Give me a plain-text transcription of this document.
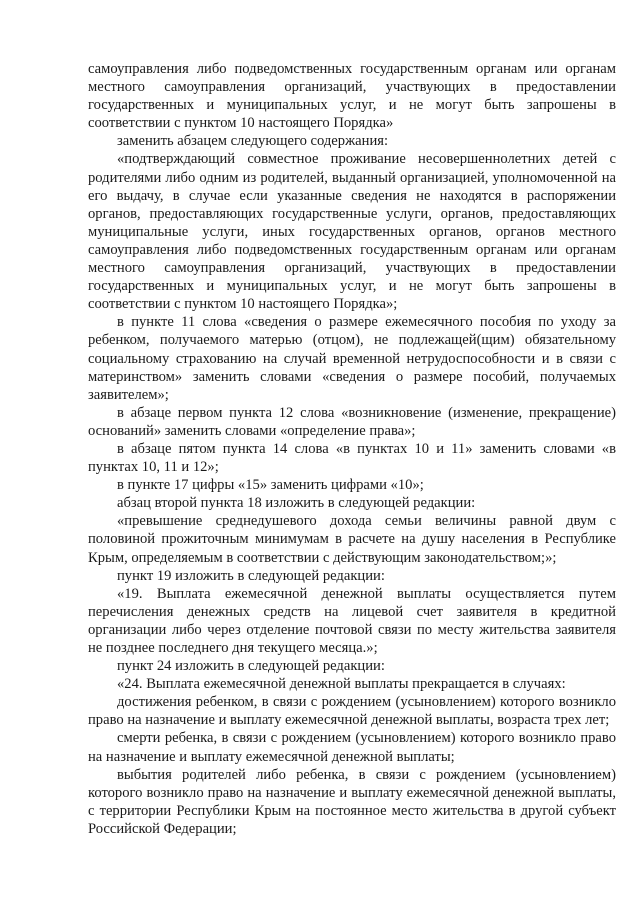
самоуправления либо подведомственных государственным органам или органам местного самоуправления организаций, участвующих в предоставлении государственных и муниципальных услуг, и не могут быть запрошены в соответствии с пунктом 10 настоящего Порядка»

заменить абзацем следующего содержания:

«подтверждающий совместное проживание несовершеннолетних детей с родителями либо одним из родителей, выданный организацией, уполномоченной на его выдачу, в случае если указанные сведения не находятся в распоряжении органов, предоставляющих государственные услуги, органов, предоставляющих муниципальные услуги, иных государственных органов, органов местного самоуправления либо подведомственных государственным органам или органам местного самоуправления организаций, участвующих в предоставлении государственных и муниципальных услуг, и не могут быть запрошены в соответствии с пунктом 10 настоящего Порядка»;

в пункте 11 слова «сведения о размере ежемесячного пособия по уходу за ребенком, получаемого матерью (отцом), не подлежащей(щим) обязательному социальному страхованию на случай временной нетрудоспособности и в связи с материнством» заменить словами «сведения о размере пособий, получаемых заявителем»;

в абзаце первом пункта 12 слова «возникновение (изменение, прекращение) оснований» заменить словами «определение права»;

в абзаце пятом пункта 14 слова «в пунктах 10 и 11» заменить словами «в пунктах 10, 11 и 12»;

в пункте 17 цифры «15» заменить цифрами «10»;

абзац второй пункта 18 изложить в следующей редакции:

«превышение среднедушевого дохода семьи величины равной двум с половиной прожиточным минимумам в расчете на душу населения в Республике Крым, определяемым в соответствии с действующим законодательством;»;

пункт 19 изложить в следующей редакции:

«19. Выплата ежемесячной денежной выплаты осуществляется путем перечисления денежных средств на лицевой счет заявителя в кредитной организации либо через отделение почтовой связи по месту жительства заявителя не позднее последнего дня текущего месяца.»;

пункт 24 изложить в следующей редакции:

«24. Выплата ежемесячной денежной выплаты прекращается в случаях:

достижения ребенком, в связи с рождением (усыновлением) которого возникло право на назначение и выплату ежемесячной денежной выплаты, возраста трех лет;

смерти ребенка, в связи с рождением (усыновлением) которого возникло право на назначение и выплату ежемесячной денежной выплаты;

выбытия родителей либо ребенка, в связи с рождением (усыновлением) которого возникло право на назначение и выплату ежемесячной денежной выплаты, с территории Республики Крым на постоянное место жительства в другой субъект Российской Федерации;
